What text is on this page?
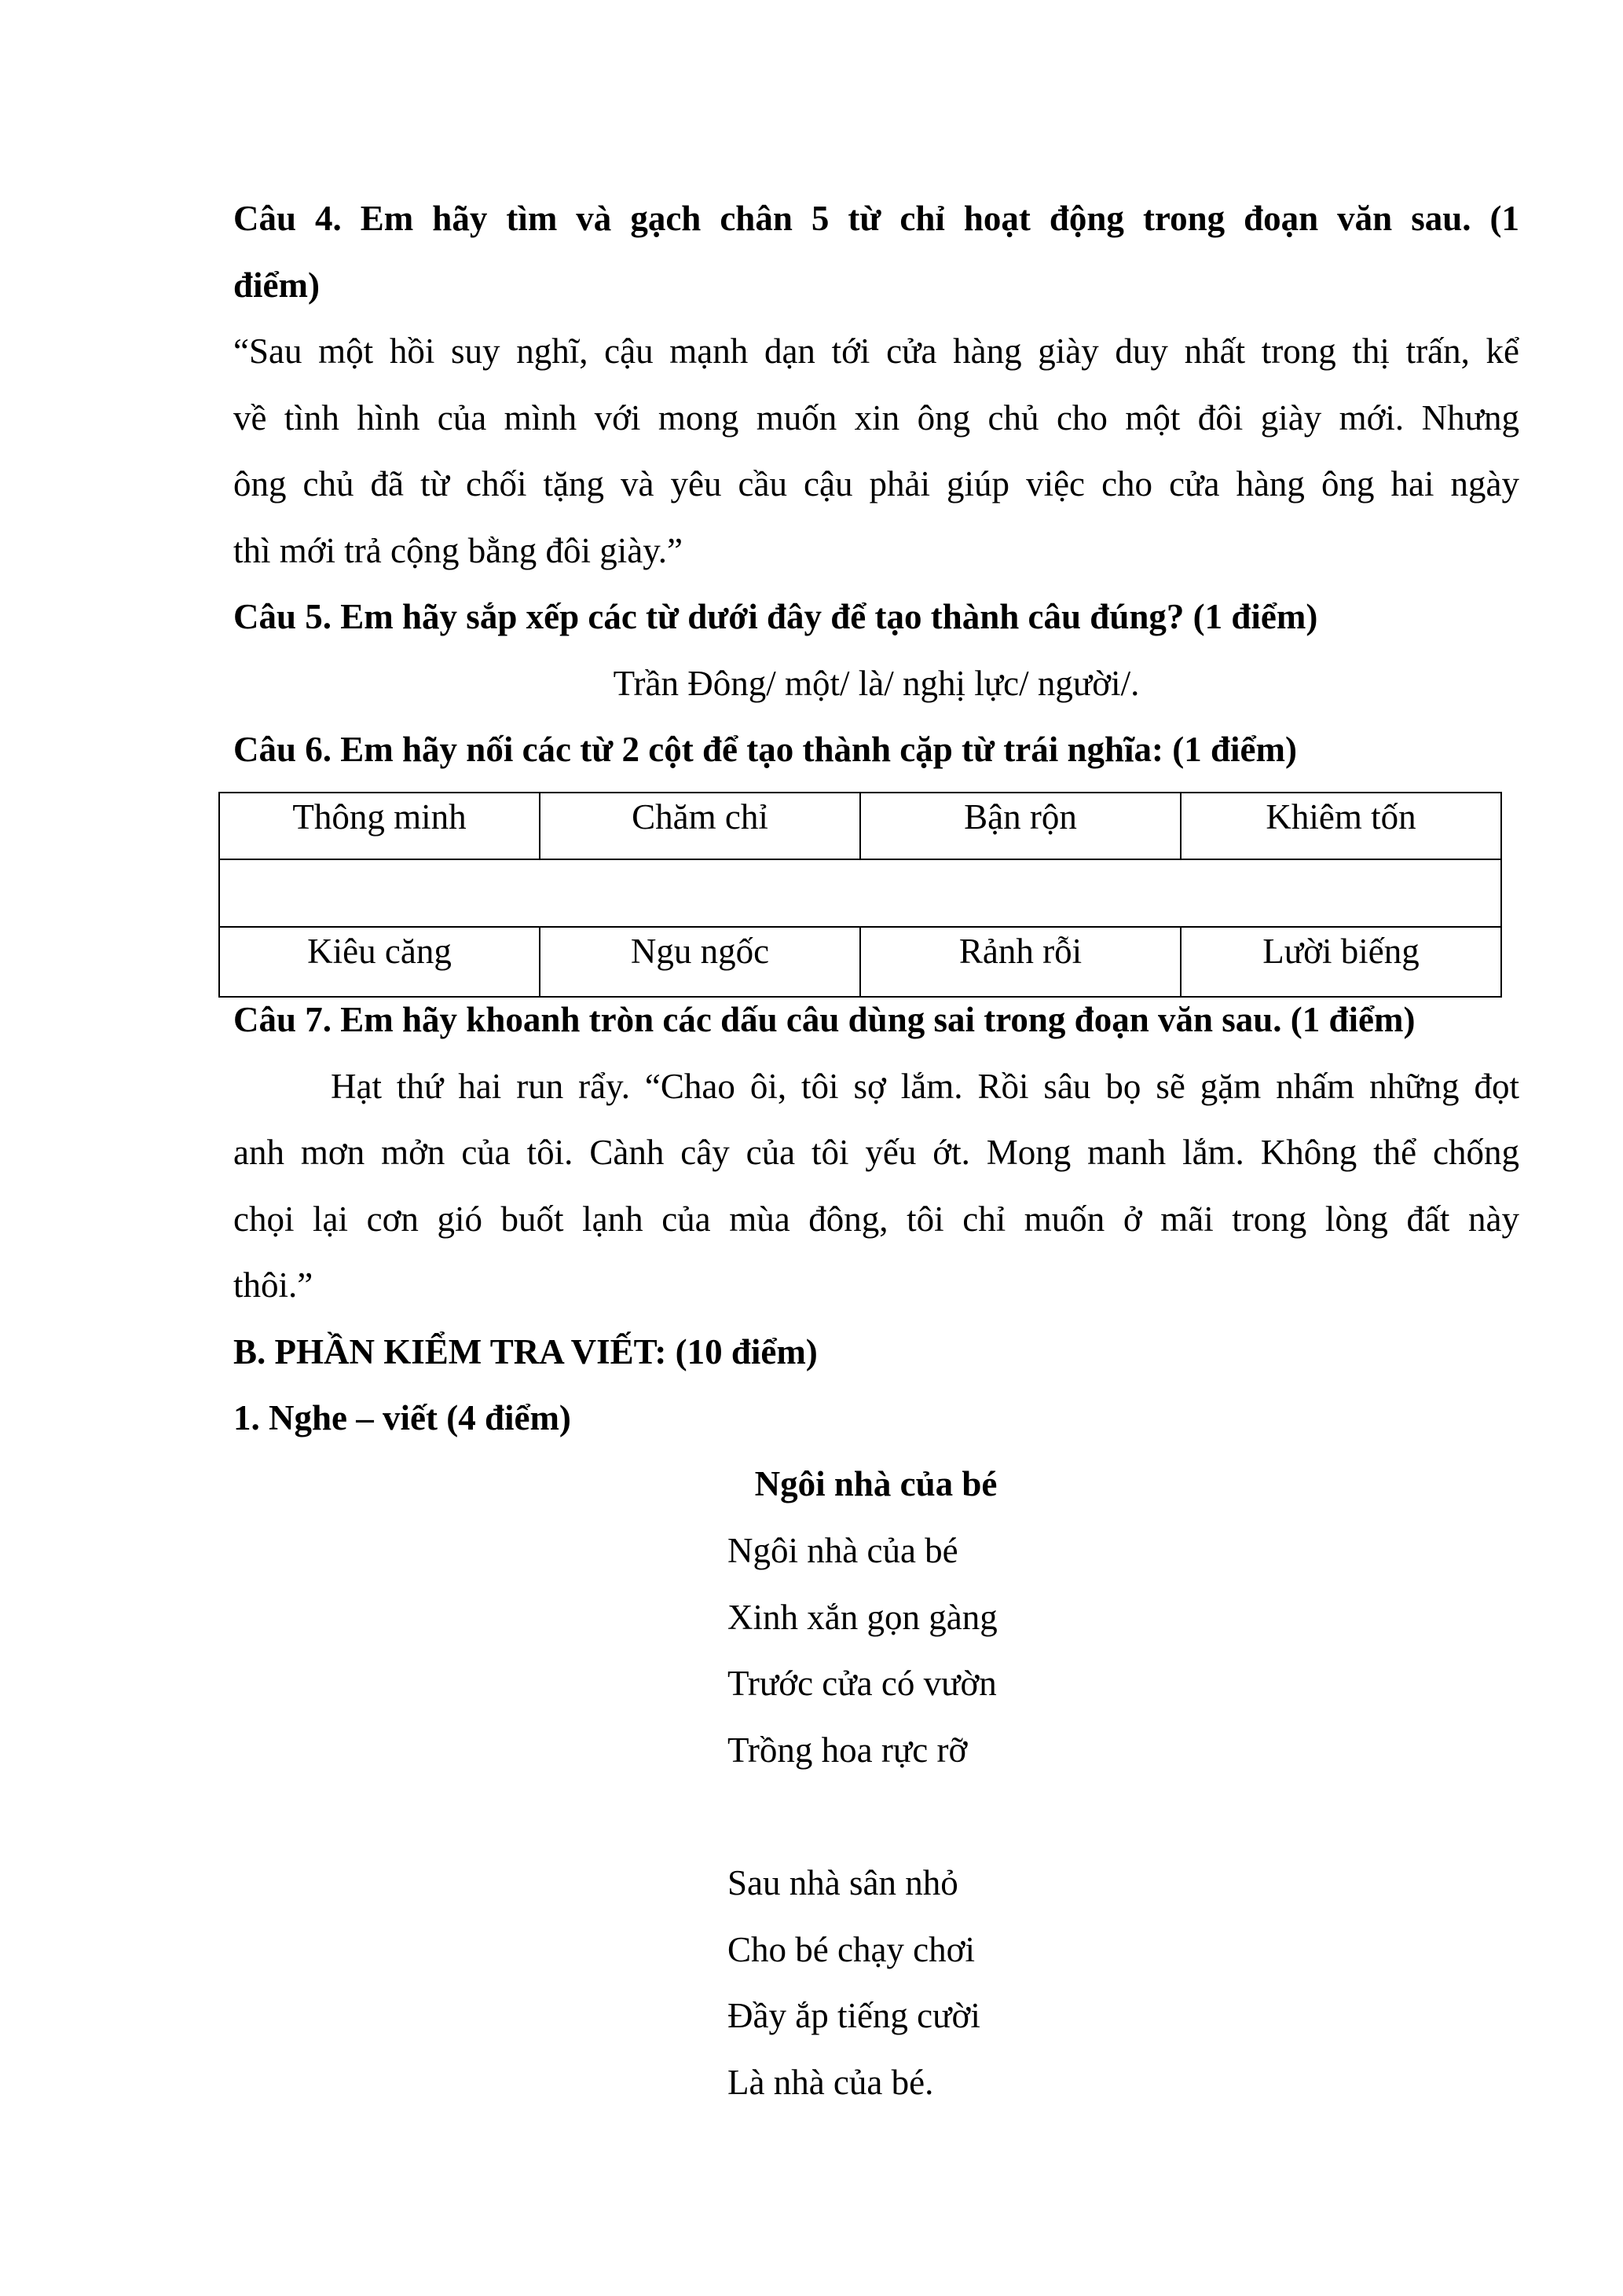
Câu 4. Em hãy tìm và gạch chân 5 từ chỉ hoạt động trong đoạn văn sau. (1
điểm)
“Sau một hồi suy nghĩ, cậu mạnh dạn tới cửa hàng giày duy nhất trong thị trấn, kể
về tình hình của mình với mong muốn xin ông chủ cho một đôi giày mới. Nhưng
ông chủ đã từ chối tặng và yêu cầu cậu phải giúp việc cho cửa hàng ông hai ngày
thì mới trả cộng bằng đôi giày.”
Câu 5. Em hãy sắp xếp các từ dưới đây để tạo thành câu đúng? (1 điểm)
Trần Đông/ một/ là/ nghị lực/ người/.
Câu 6. Em hãy nối các từ 2 cột để tạo thành cặp từ trái nghĩa: (1 điểm)
Thông minh	Chăm chỉ	Bận rộn	Khiêm tốn

Kiêu căng	Ngu ngốc	Rảnh rỗi	Lười biếng
Câu 7. Em hãy khoanh tròn các dấu câu dùng sai trong đoạn văn sau. (1 điểm)
Hạt thứ hai run rẩy. “Chao ôi, tôi sợ lắm. Rồi sâu bọ sẽ gặm nhấm những đọt
anh mơn mởn của tôi. Cành cây của tôi yếu ớt. Mong manh lắm. Không thể chống
chọi lại cơn gió buốt lạnh của mùa đông, tôi chỉ muốn ở mãi trong lòng đất này
thôi.”
B. PHẦN KIỂM TRA VIẾT: (10 điểm)
1. Nghe – viết (4 điểm)
Ngôi nhà của bé
Ngôi nhà của bé
Xinh xắn gọn gàng
Trước cửa có vườn
Trồng hoa rực rỡ
Sau nhà sân nhỏ
Cho bé chạy chơi
Đầy ắp tiếng cười
Là nhà của bé.
